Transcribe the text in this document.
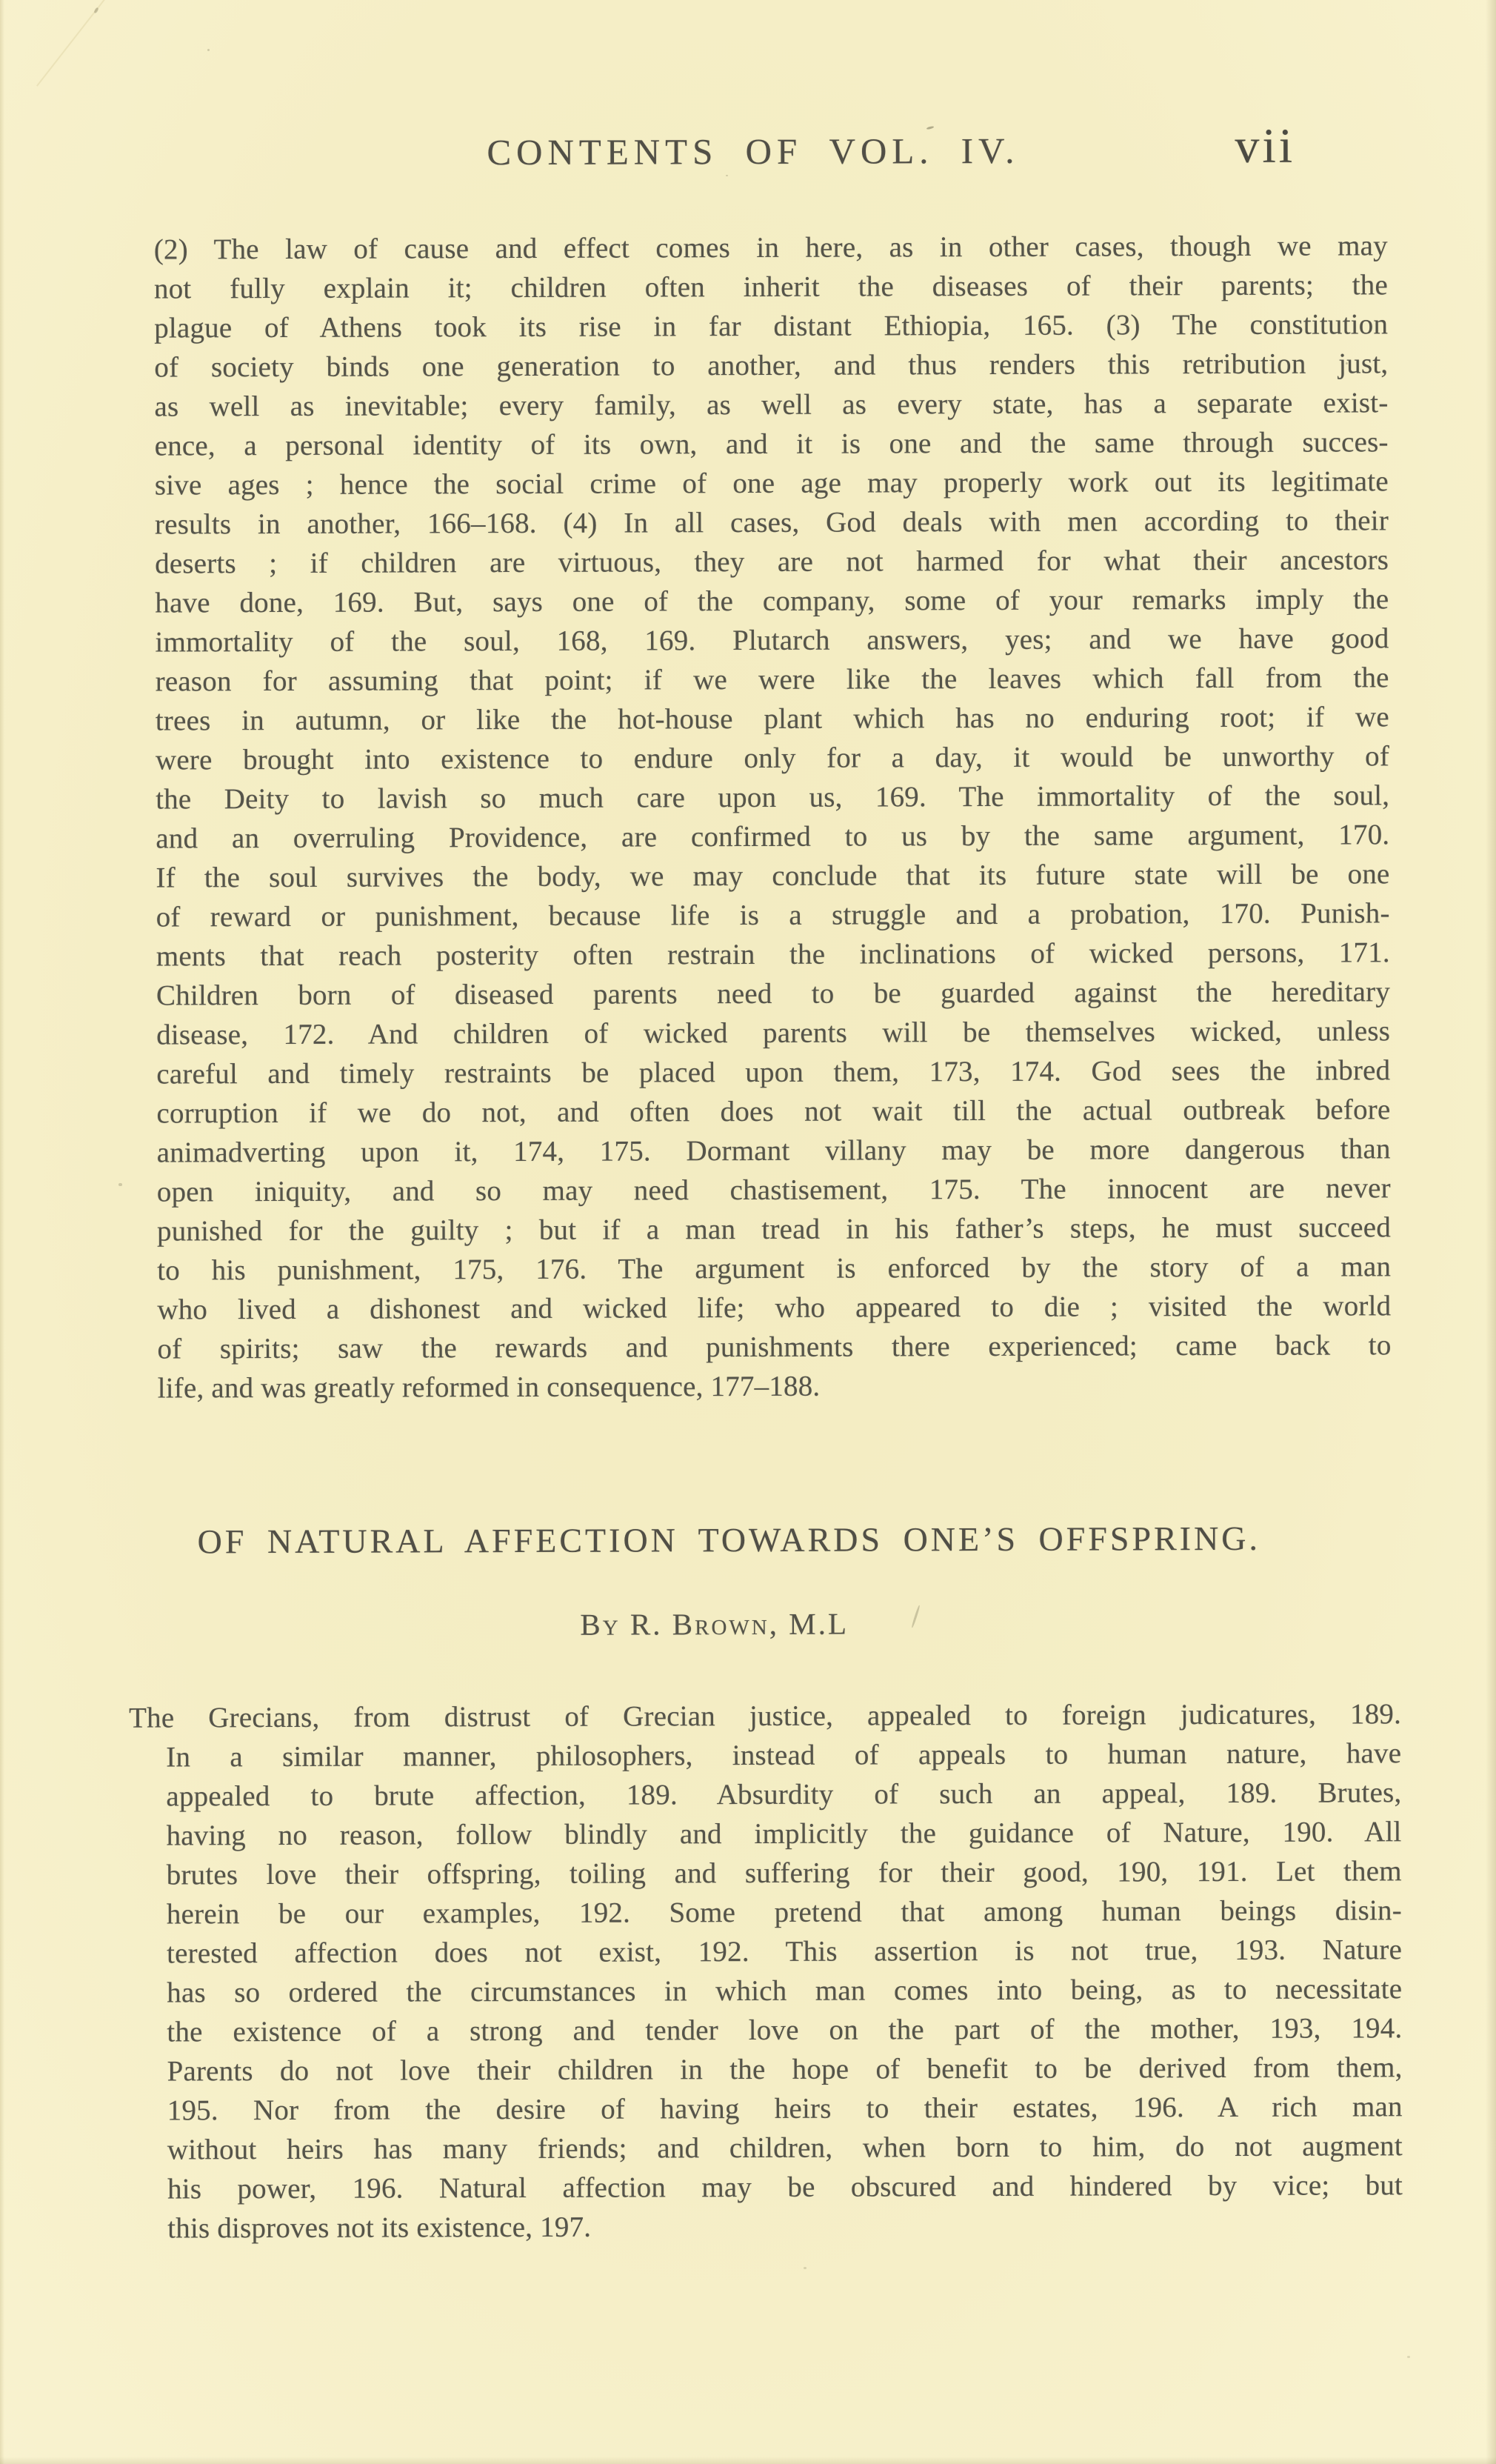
CONTENTS OF VOL. IV.	vii
(2) The law of cause and effect comes in here, as in other cases, though we may
not fully explain it; children often inherit the diseases of their parents; the
plague of Athens took its rise in far distant Ethiopia, 165. (3) The constitution
of society binds one generation to another, and thus renders this retribution just,
as well as inevitable; every family, as well as every state, has a separate exist-
ence, a personal identity of its own, and it is one and the same through succes-
sive ages ; hence the social crime of one age may properly work out its legitimate
results in another, 166–168. (4) In all cases, God deals with men according to their
deserts ; if children are virtuous, they are not harmed for what their ancestors
have done, 169. But, says one of the company, some of your remarks imply the
immortality of the soul, 168, 169. Plutarch answers, yes; and we have good
reason for assuming that point; if we were like the leaves which fall from the
trees in autumn, or like the hot-house plant which has no enduring root; if we
were brought into existence to endure only for a day, it would be unworthy of
the Deity to lavish so much care upon us, 169. The immortality of the soul,
and an overruling Providence, are confirmed to us by the same argument, 170.
If the soul survives the body, we may conclude that its future state will be one
of reward or punishment, because life is a struggle and a probation, 170. Punish-
ments that reach posterity often restrain the inclinations of wicked persons, 171.
Children born of diseased parents need to be guarded against the hereditary
disease, 172. And children of wicked parents will be themselves wicked, unless
careful and timely restraints be placed upon them, 173, 174. God sees the inbred
corruption if we do not, and often does not wait till the actual outbreak before
animadverting upon it, 174, 175. Dormant villany may be more dangerous than
open iniquity, and so may need chastisement, 175. The innocent are never
punished for the guilty ; but if a man tread in his father’s steps, he must succeed
to his punishment, 175, 176. The argument is enforced by the story of a man
who lived a dishonest and wicked life; who appeared to die ; visited the world
of spirits; saw the rewards and punishments there experienced; came back to
life, and was greatly reformed in consequence, 177–188.
OF NATURAL AFFECTION TOWARDS ONE’S OFFSPRING.
By R. Brown, M.L
The Grecians, from distrust of Grecian justice, appealed to foreign judicatures, 189.
In a similar manner, philosophers, instead of appeals to human nature, have
appealed to brute affection, 189. Absurdity of such an appeal, 189. Brutes,
having no reason, follow blindly and implicitly the guidance of Nature, 190. All
brutes love their offspring, toiling and suffering for their good, 190, 191. Let them
herein be our examples, 192. Some pretend that among human beings disin-
terested affection does not exist, 192. This assertion is not true, 193. Nature
has so ordered the circumstances in which man comes into being, as to necessitate
the existence of a strong and tender love on the part of the mother, 193, 194.
Parents do not love their children in the hope of benefit to be derived from them,
195. Nor from the desire of having heirs to their estates, 196. A rich man
without heirs has many friends; and children, when born to him, do not augment
his power, 196. Natural affection may be obscured and hindered by vice; but
this disproves not its existence, 197.
